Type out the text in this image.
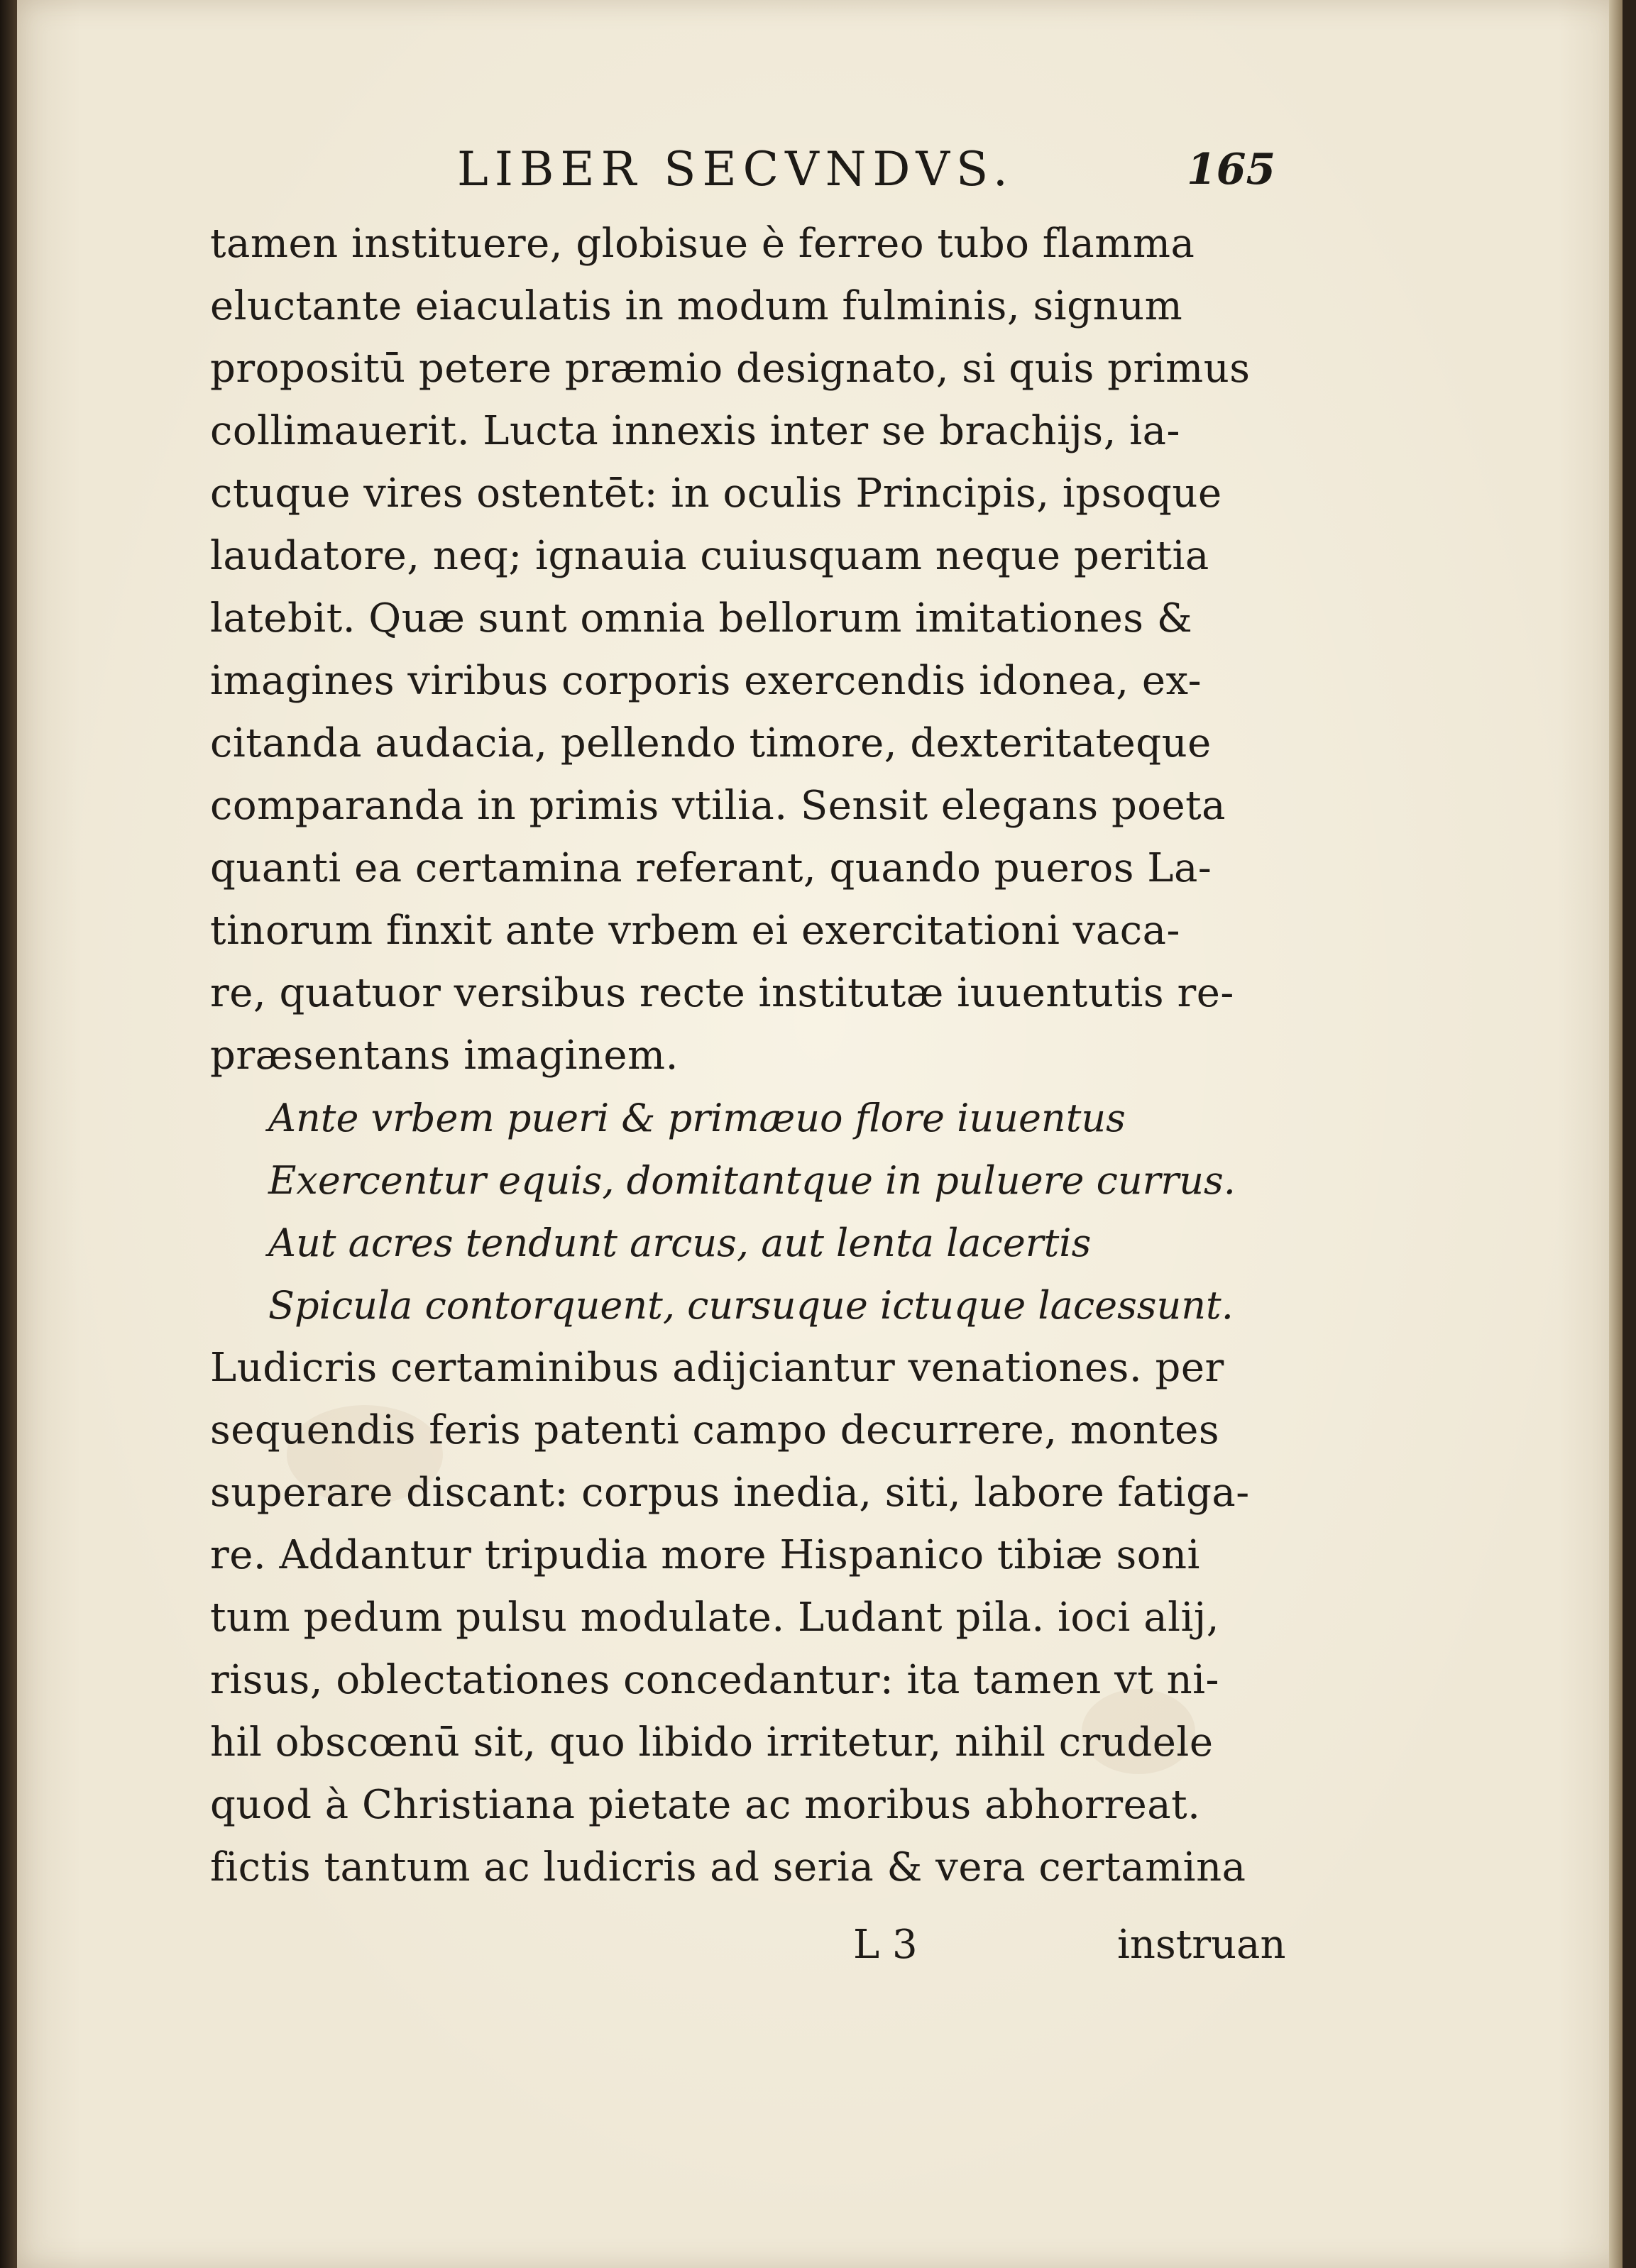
LIBER SECVNDVS.	165
tamen instituere, globisue è ferreo tubo flamma
eluctante eiaculatis in modum fulminis, signum
propositū petere præmio designato, si quis primus
collimauerit. Lucta innexis inter se brachijs, ia-
ctuque vires ostentēt: in oculis Principis, ipsoque
laudatore, neq; ignauia cuiusquam neque peritia
latebit. Quæ sunt omnia bellorum imitationes &
imagines viribus corporis exercendis idonea, ex-
citanda audacia, pellendo timore, dexteritateque
comparanda in primis vtilia. Sensit elegans poeta
quanti ea certamina referant, quando pueros La-
tinorum finxit ante vrbem ei exercitationi vaca-
re, quatuor versibus recte institutæ iuuentutis re-
præsentans imaginem.
Ante vrbem pueri & primæuo flore iuuentus
Exercentur equis, domitantque in puluere currus.
Aut acres tendunt arcus, aut lenta lacertis
Spicula contorquent, cursuque ictuque lacessunt.
Ludicris certaminibus adijciantur venationes. per
sequendis feris patenti campo decurrere, montes
superare discant: corpus inedia, siti, labore fatiga-
re. Addantur tripudia more Hispanico tibiæ soni
tum pedum pulsu modulate. Ludant pila. ioci alij,
risus, oblectationes concedantur: ita tamen vt ni-
hil obscœnū sit, quo libido irritetur, nihil crudele
quod à Christiana pietate ac moribus abhorreat.
fictis tantum ac ludicris ad seria & vera certamina
L 3	instruan
